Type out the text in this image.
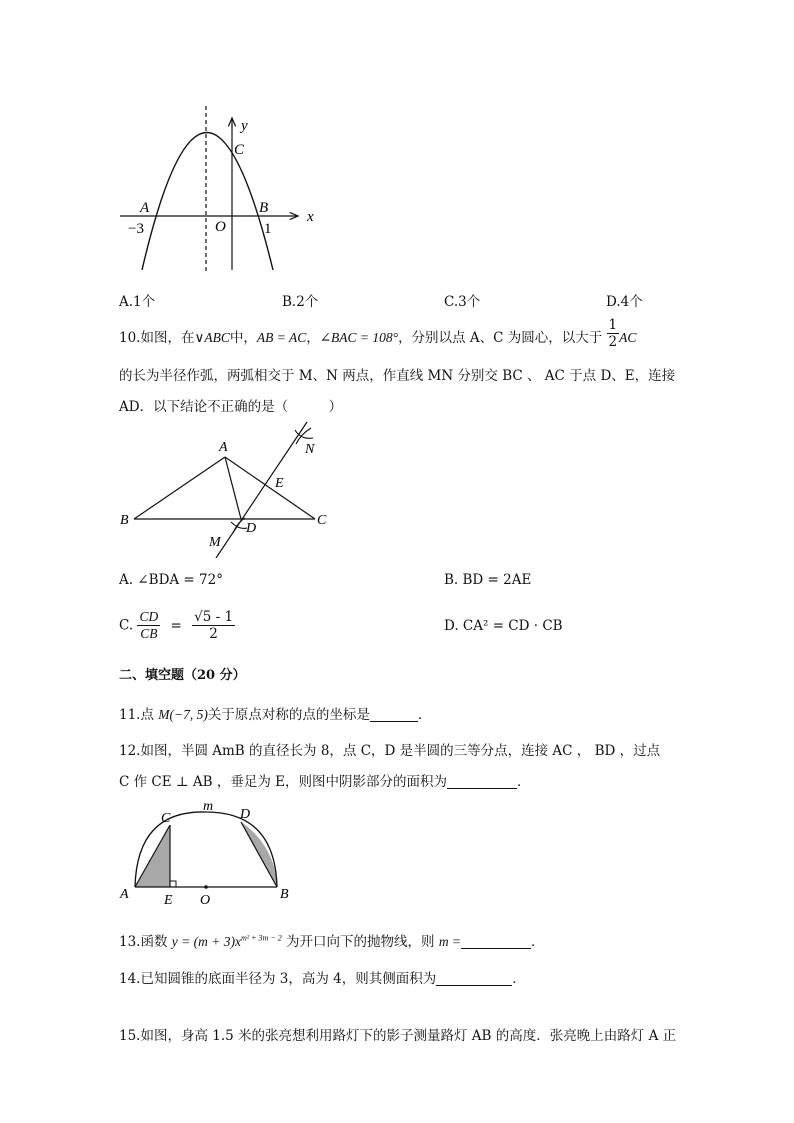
y
x
C
A	B
O
−3	1
A.1个	B.2个	C.3个	D.4个
10.如图，在∨ABC中，AB = AC，∠BAC = 108°，分别以点 A、C 为圆心，以大于 $\frac{1}{2}$ AC
的长为半径作弧，两弧相交于 M、N 两点，作直线 MN 分别交 BC 、 AC 于点 D、E，连接
AD．以下结论不正确的是（　　　）
A
B	C
D
E
M
N
A. ∠BDA = 72°	B. BD = 2AE
C. $\frac{CD}{CB} = \frac{√5 - 1}{2}$	D. CA² = CD · CB
二、填空题（20 分）
11.点 M(−7, 5)关于原点对称的点的坐标是	．
12.如图，半圆 AmB 的直径长为 8，点 C，D 是半圆的三等分点，连接 AC ， BD ，过点
C 作 CE ⊥ AB ，垂足为 E，则图中阴影部分的面积为	．
C
m
D
A	E O	B
13.函数 $y = (m + 3)x^{m^2 + 3m - 2}$ 为开口向下的抛物线，则 m =	．
14.已知圆锥的底面半径为 3，高为 4，则其侧面积为	．
15.如图，身高 1.5 米的张亮想利用路灯下的影子测量路灯 AB 的高度．张亮晚上由路灯 A 正
